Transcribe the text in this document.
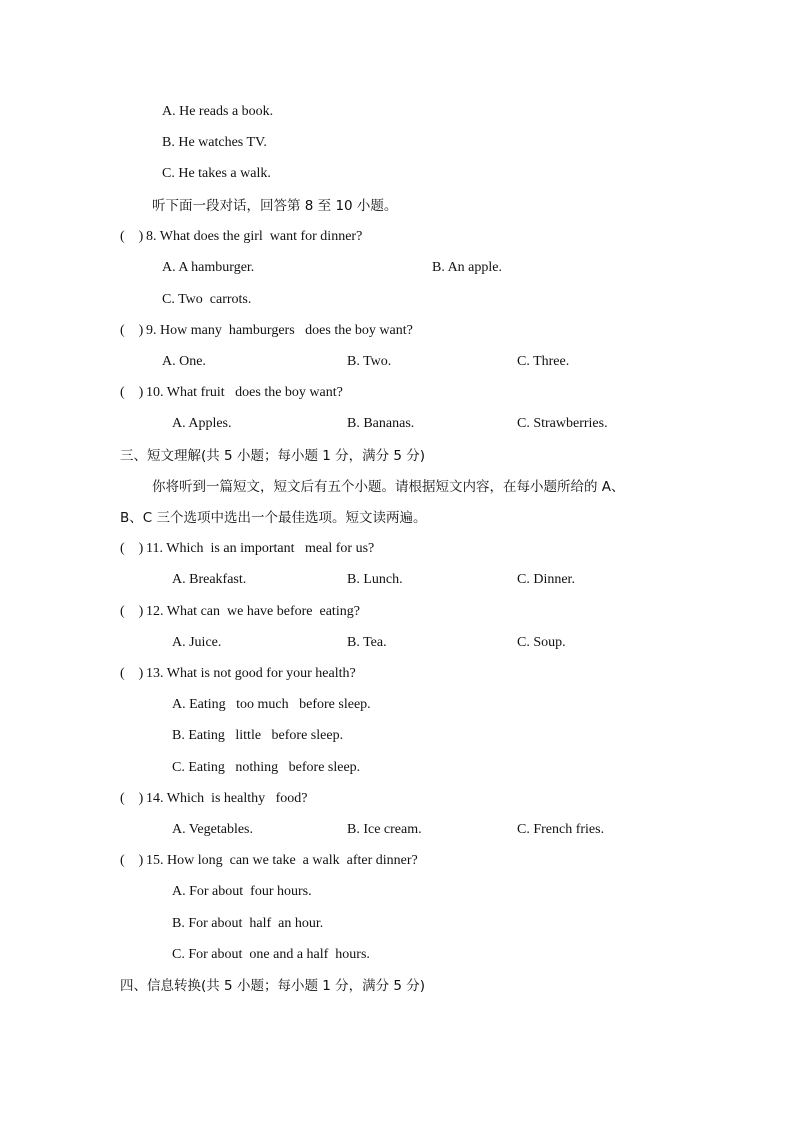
A. He reads a book.
B. He watches TV.
C. He takes a walk.
听下面一段对话，回答第 8 至 10 小题。
(    ) 8. What does the girl  want for dinner?
A. A hamburger.	B. An apple.
C. Two  carrots.
(    ) 9. How many  hamburgers   does the boy want?
A. One.	B. Two.	C. Three.
(    ) 10. What fruit   does the boy want?
A. Apples.	B. Bananas.	C. Strawberries.
三、短文理解(共 5 小题；每小题 1 分，满分 5 分)
你将听到一篇短文，短文后有五个小题。请根据短文内容，在每小题所给的 A、
B、C 三个选项中选出一个最佳选项。短文读两遍。
(    ) 11. Which  is an important   meal for us?
A. Breakfast.	B. Lunch.	C. Dinner.
(    ) 12. What can  we have before  eating?
A. Juice.	B. Tea.	C. Soup.
(    ) 13. What is not good for your health?
A. Eating   too much   before sleep.
B. Eating   little   before sleep.
C. Eating   nothing   before sleep.
(    ) 14. Which  is healthy   food?
A. Vegetables.	B. Ice cream.	C. French fries.
(    ) 15. How long  can we take  a walk  after dinner?
A. For about  four hours.
B. For about  half  an hour.
C. For about  one and a half  hours.
四、信息转换(共 5 小题；每小题 1 分，满分 5 分)
